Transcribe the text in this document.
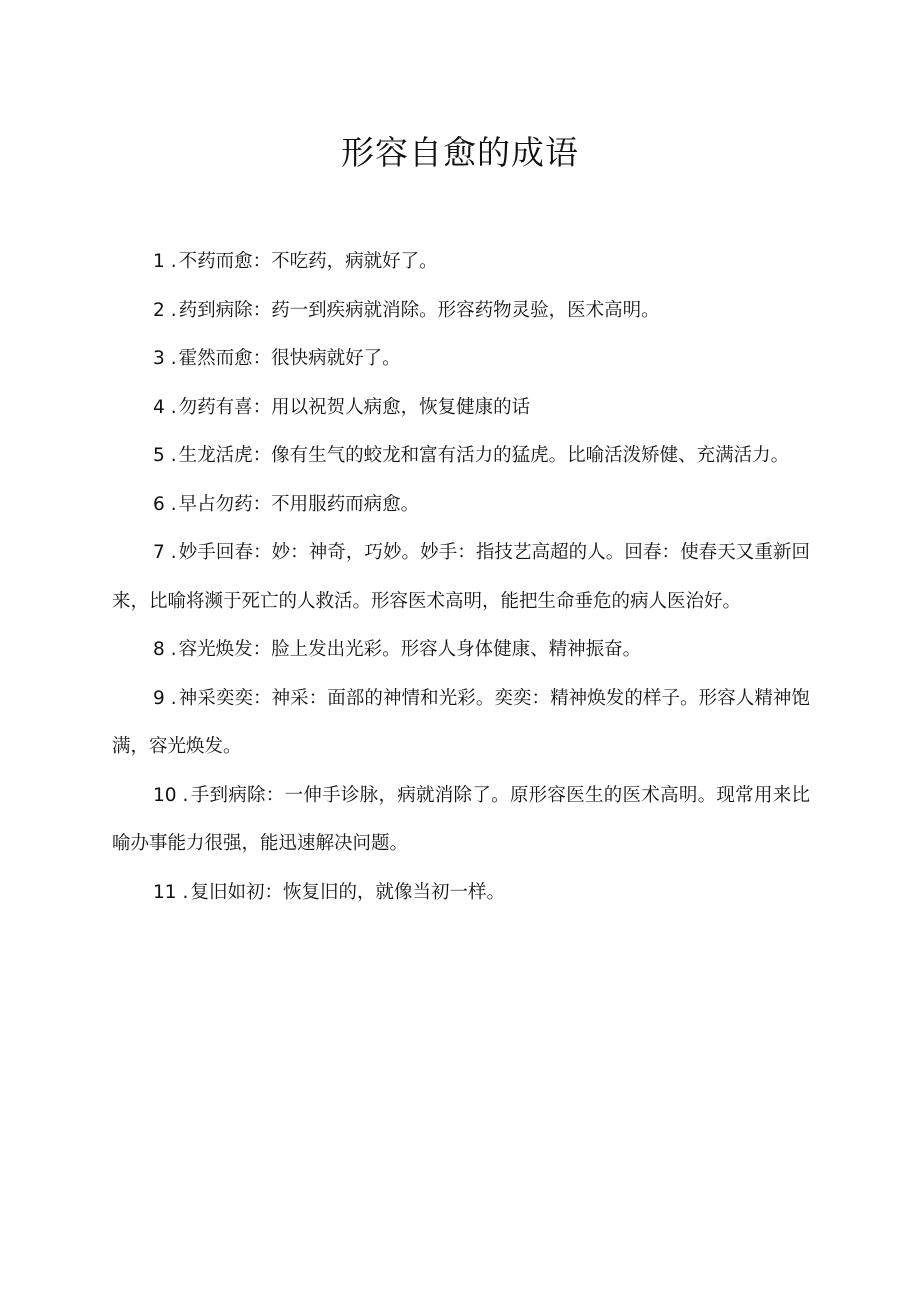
形容自愈的成语
1 . 不药而愈：不吃药，病就好了。
2 . 药到病除：药一到疾病就消除。形容药物灵验，医术高明。
3 . 霍然而愈：很快病就好了。
4 . 勿药有喜：用以祝贺人病愈，恢复健康的话
5 . 生龙活虎：像有生气的蛟龙和富有活力的猛虎。比喻活泼矫健、充满活力。
6 . 早占勿药：不用服药而病愈。
7 . 妙手回春：妙：神奇，巧妙。妙手：指技艺高超的人。回春：使春天又重新回来，比喻将濒于死亡的人救活。形容医术高明，能把生命垂危的病人医治好。
8 . 容光焕发：脸上发出光彩。形容人身体健康、精神振奋。
9 . 神采奕奕：神采：面部的神情和光彩。奕奕：精神焕发的样子。形容人精神饱满，容光焕发。
10 . 手到病除：一伸手诊脉，病就消除了。原形容医生的医术高明。现常用来比喻办事能力很强，能迅速解决问题。
11 . 复旧如初：恢复旧的，就像当初一样。
